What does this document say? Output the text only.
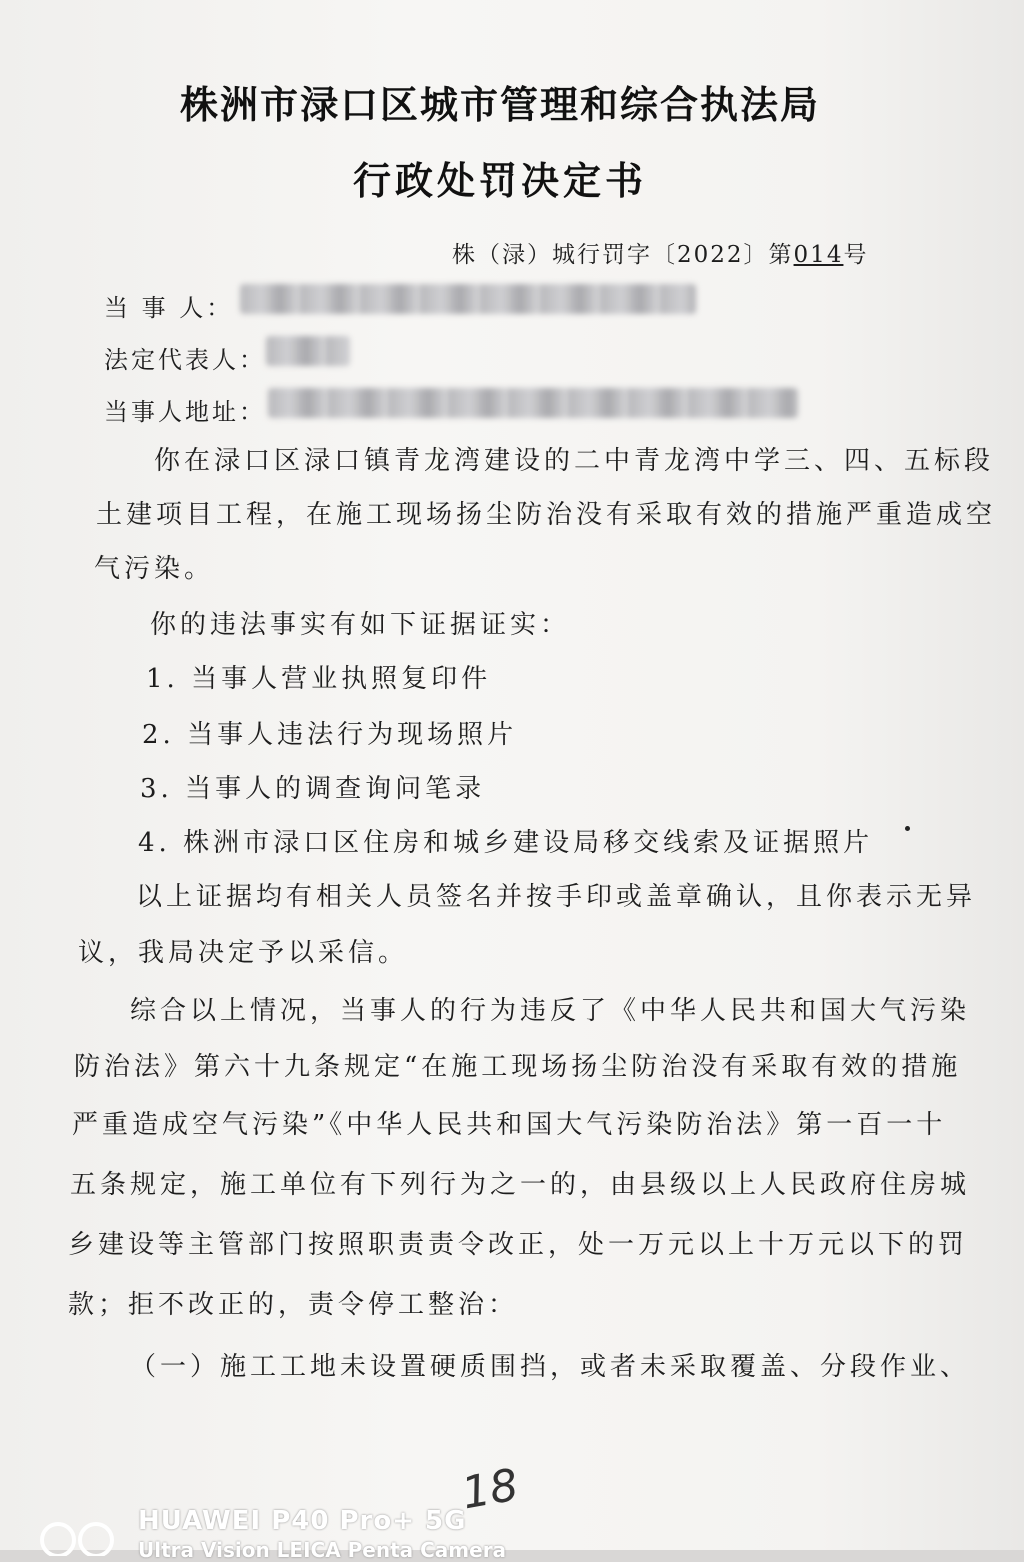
株洲市渌口区城市管理和综合执法局
行政处罚决定书
株（渌）城行罚字〔2022〕第014号
当 事 人：
法定代表人：
当事人地址：
你在渌口区渌口镇青龙湾建设的二中青龙湾中学三、四、五标段
土建项目工程，在施工现场扬尘防治没有采取有效的措施严重造成空
气污染。
你的违法事实有如下证据证实：
1. 当事人营业执照复印件
2. 当事人违法行为现场照片
3. 当事人的调查询问笔录
4. 株洲市渌口区住房和城乡建设局移交线索及证据照片
以上证据均有相关人员签名并按手印或盖章确认，且你表示无异
议，我局决定予以采信。
综合以上情况，当事人的行为违反了《中华人民共和国大气污染
防治法》第六十九条规定“在施工现场扬尘防治没有采取有效的措施
严重造成空气污染”《中华人民共和国大气污染防治法》第一百一十
五条规定，施工单位有下列行为之一的，由县级以上人民政府住房城
乡建设等主管部门按照职责责令改正，处一万元以上十万元以下的罚
款；拒不改正的，责令停工整治：
（一）施工工地未设置硬质围挡，或者未采取覆盖、分段作业、
18
HUAWEI P40 Pro+ 5G
Ultra Vision LEICA Penta Camera
